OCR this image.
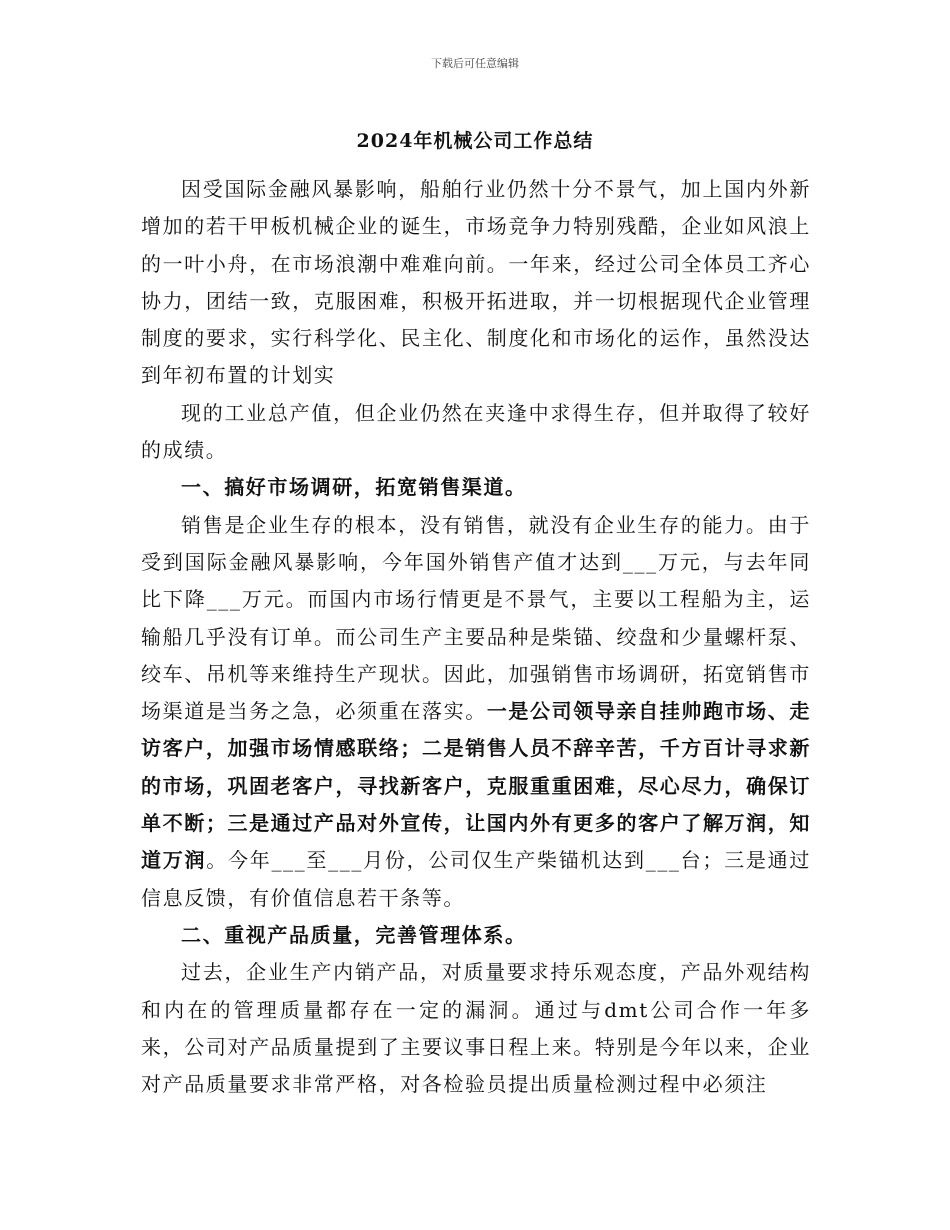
下载后可任意编辑
2024年机械公司工作总结

因受国际金融风暴影响，船舶行业仍然十分不景气，加上国内外新增加的若干甲板机械企业的诞生，市场竞争力特别残酷，企业如风浪上的一叶小舟，在市场浪潮中难难向前。一年来，经过公司全体员工齐心协力，团结一致，克服困难，积极开拓进取，并一切根据现代企业管理制度的要求，实行科学化、民主化、制度化和市场化的运作，虽然没达到年初布置的计划实

现的工业总产值，但企业仍然在夹逢中求得生存，但并取得了较好的成绩。

一、搞好市场调研，拓宽销售渠道。

销售是企业生存的根本，没有销售，就没有企业生存的能力。由于受到国际金融风暴影响，今年国外销售产值才达到___万元，与去年同比下降___万元。而国内市场行情更是不景气，主要以工程船为主，运输船几乎没有订单。而公司生产主要品种是柴锚、绞盘和少量螺杆泵、绞车、吊机等来维持生产现状。因此，加强销售市场调研，拓宽销售市场渠道是当务之急，必须重在落实。一是公司领导亲自挂帅跑市场、走访客户，加强市场情感联络；二是销售人员不辞辛苦，千方百计寻求新的市场，巩固老客户，寻找新客户，克服重重困难，尽心尽力，确保订单不断；三是通过产品对外宣传，让国内外有更多的客户了解万润，知道万润。今年___至___月份，公司仅生产柴锚机达到___台；三是通过信息反馈，有价值信息若干条等。

二、重视产品质量，完善管理体系。

过去，企业生产内销产品，对质量要求持乐观态度，产品外观结构和内在的管理质量都存在一定的漏洞。通过与dmt公司合作一年多来，公司对产品质量提到了主要议事日程上来。特别是今年以来，企业对产品质量要求非常严格，对各检验员提出质量检测过程中必须注
